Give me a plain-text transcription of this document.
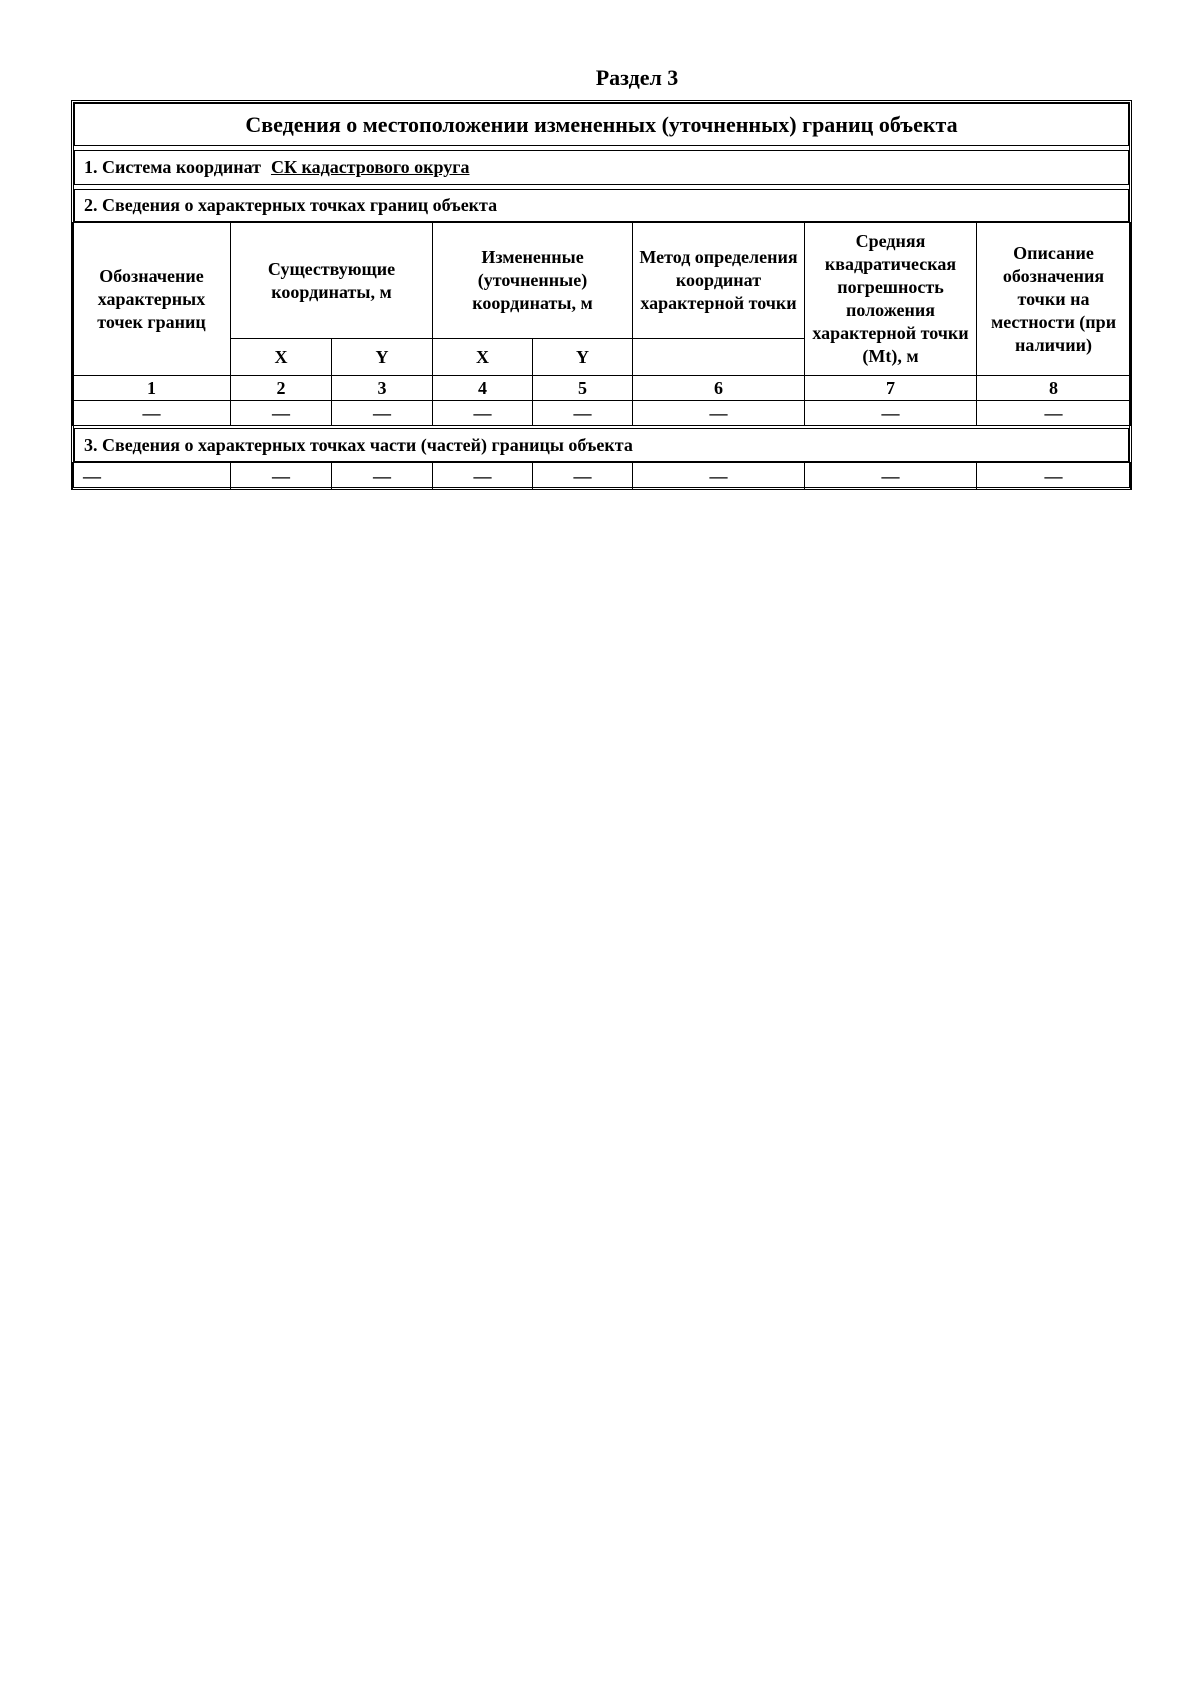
Раздел 3
Сведения о местоположении измененных (уточненных) границ объекта
1. Система координат СК кадастрового округа
2. Сведения о характерных точках границ объекта
Обозначение характерных точек границ	Существующие координаты, м		Измененные (уточненные) координаты, м		Метод определения координат характерной точки	Средняя квадратическая погрешность положения характерной точки (Mt), м	Описание обозначения точки на местности (при наличии)
	X	Y	X	Y			
1	2	3	4	5	6	7	8
—	—	—	—	—	—	—	—
3. Сведения о характерных точках части (частей) границы объекта
—	—	—	—	—	—	—	—
